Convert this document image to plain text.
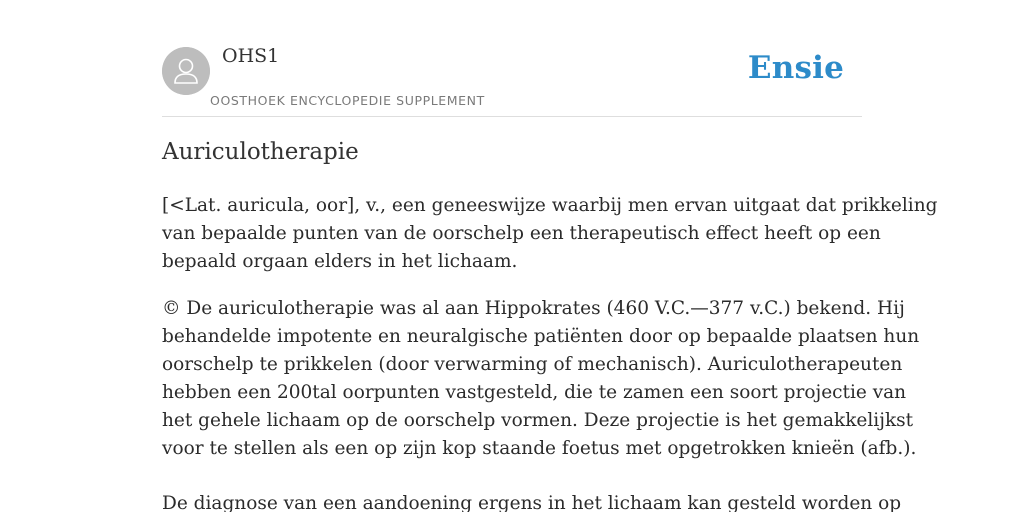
OHS1
OOSTHOEK ENCYCLOPEDIE SUPPLEMENT
Ensie
Auriculotherapie

[<Lat. auricula, oor], v., een geneeswijze waarbij men ervan uitgaat dat prikkeling
van bepaalde punten van de oorschelp een therapeutisch effect heeft op een
bepaald orgaan elders in het lichaam.

© De auriculotherapie was al aan Hippokrates (460 V.C.—377 v.C.) bekend. Hij
behandelde impotente en neuralgische patiënten door op bepaalde plaatsen hun
oorschelp te prikkelen (door verwarming of mechanisch). Auriculotherapeuten
hebben een 200tal oorpunten vastgesteld, die te zamen een soort projectie van
het gehele lichaam op de oorschelp vormen. Deze projectie is het gemakkelijkst
voor te stellen als een op zijn kop staande foetus met opgetrokken knieën (afb.).

De diagnose van een aandoening ergens in het lichaam kan gesteld worden op
